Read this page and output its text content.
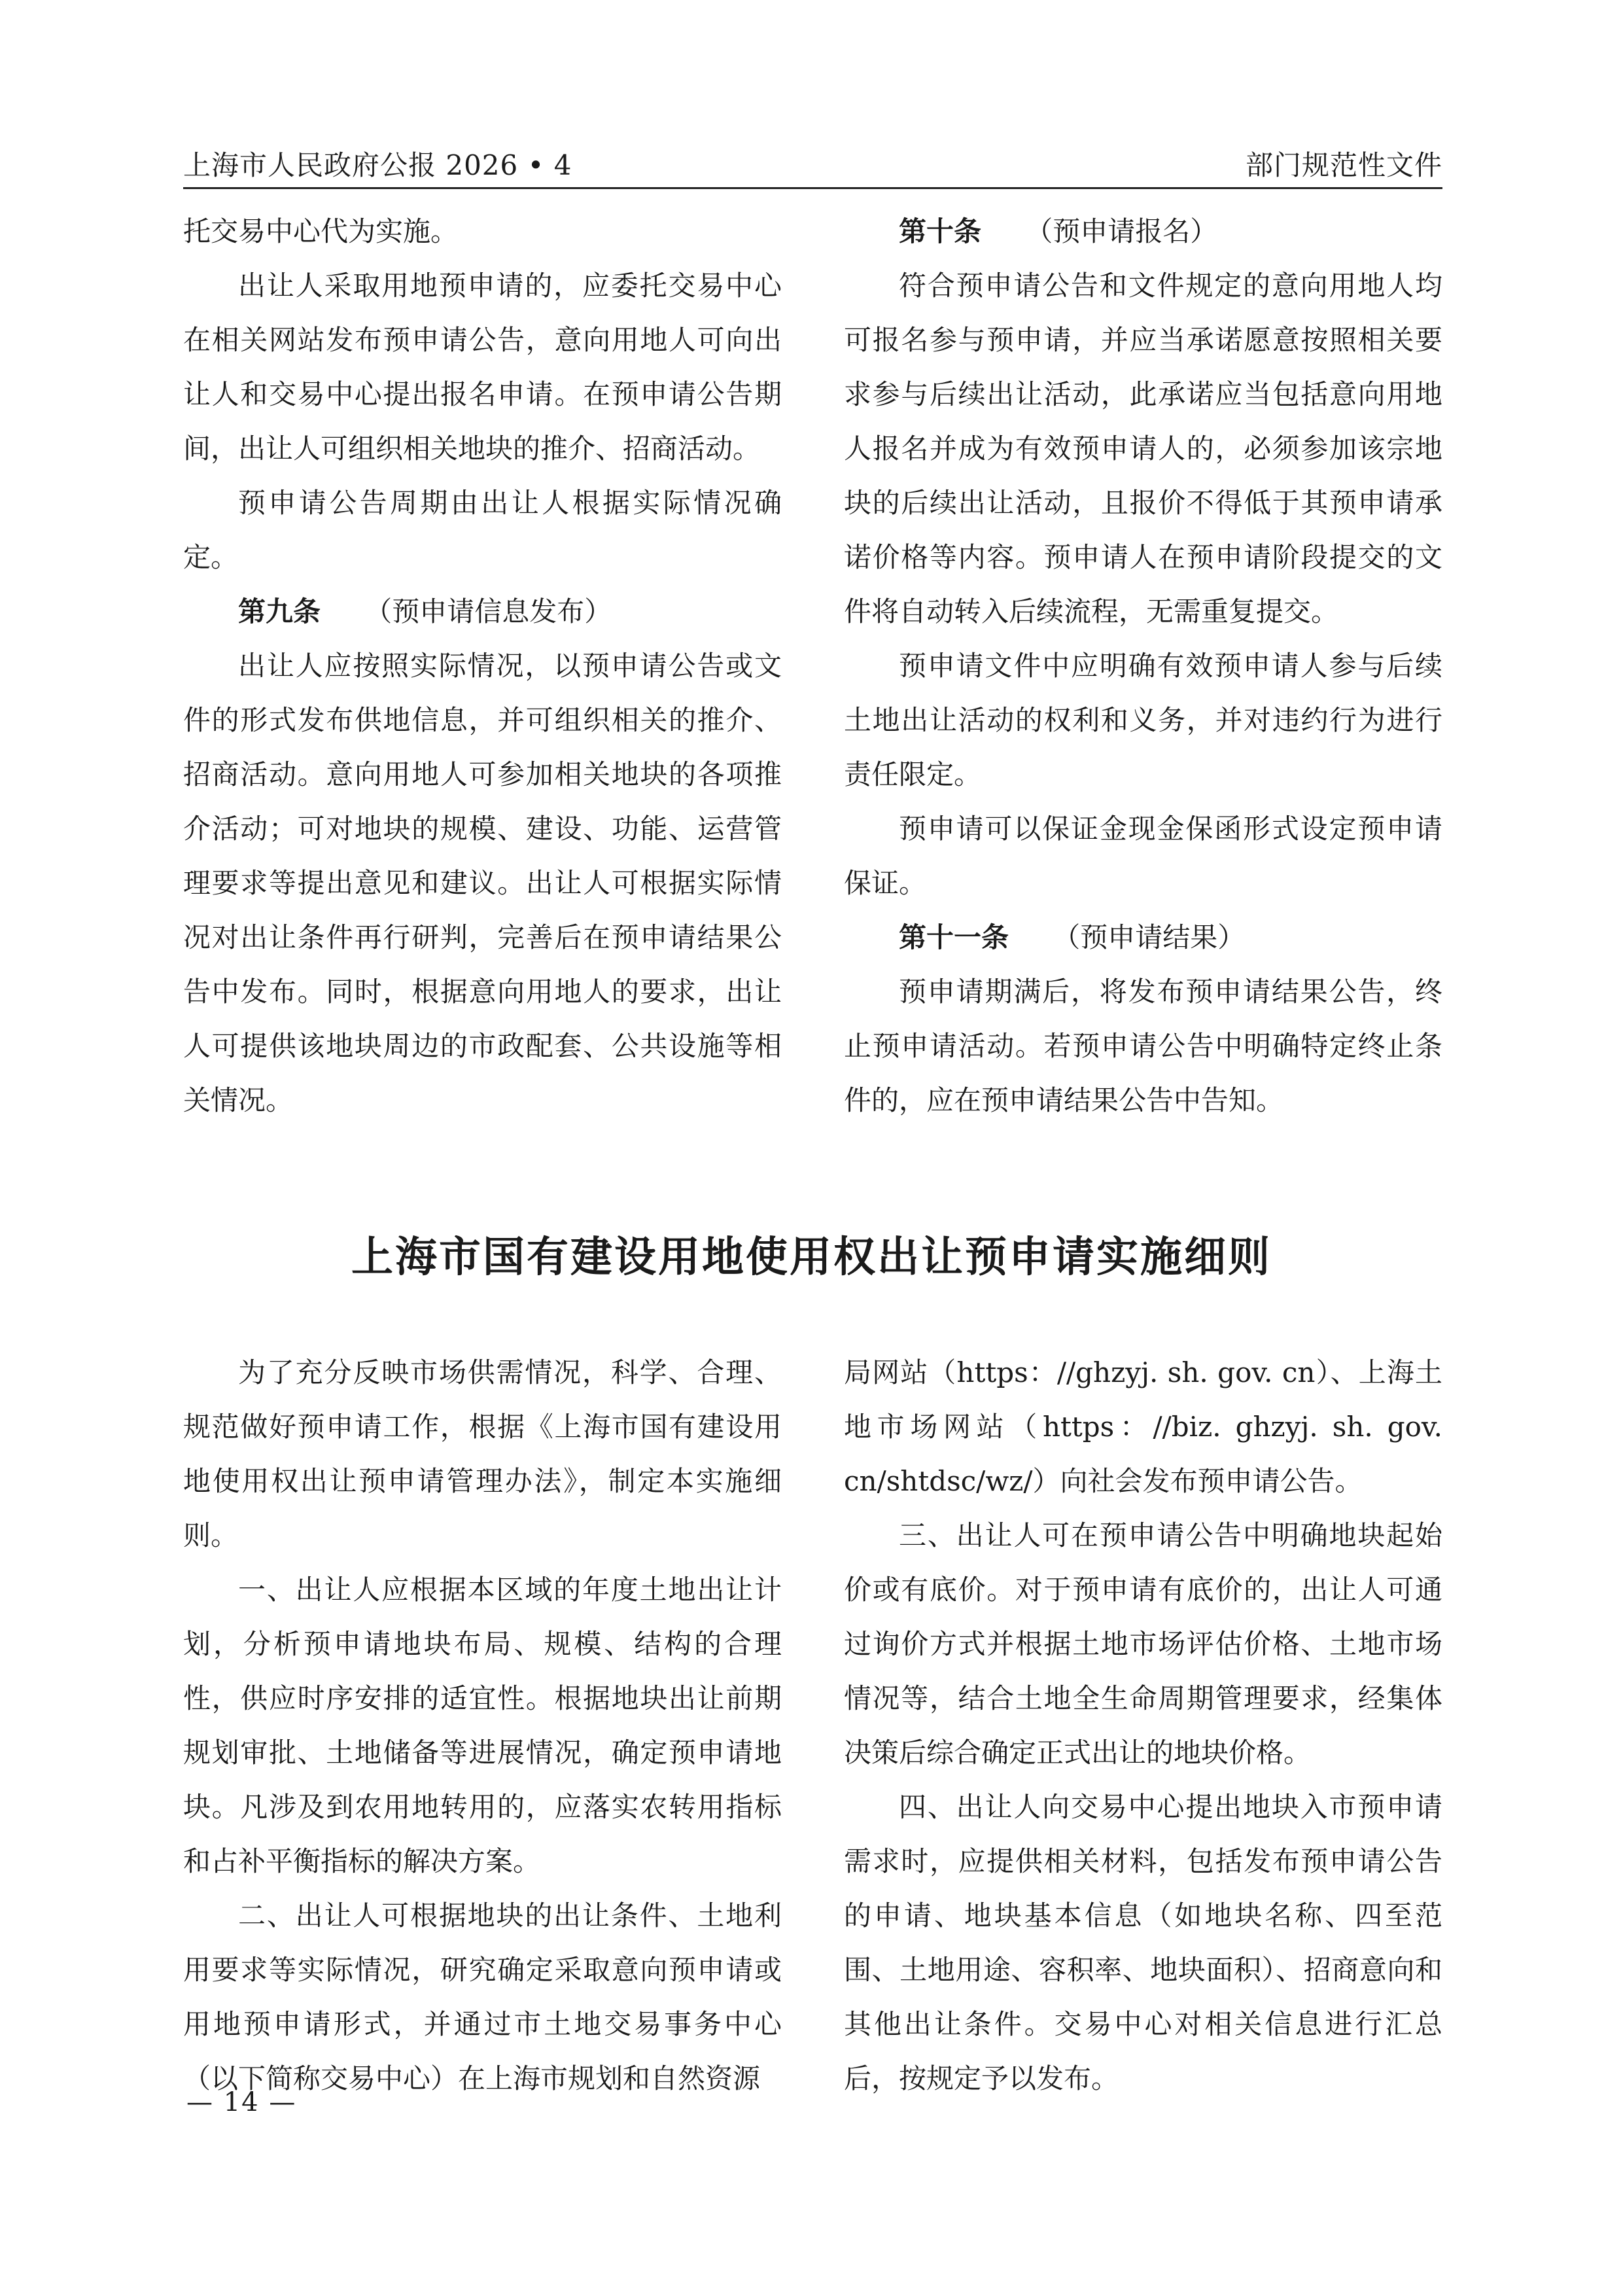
上海市人民政府公报 2026 • 4	部门规范性文件

托交易中心代为实施。

出让人采取用地预申请的，应委托交易中心在相关网站发布预申请公告，意向用地人可向出让人和交易中心提出报名申请。在预申请公告期间，出让人可组织相关地块的推介、招商活动。

预申请公告周期由出让人根据实际情况确定。

第九条 （预申请信息发布）

出让人应按照实际情况，以预申请公告或文件的形式发布供地信息，并可组织相关的推介、招商活动。意向用地人可参加相关地块的各项推介活动；可对地块的规模、建设、功能、运营管理要求等提出意见和建议。出让人可根据实际情况对出让条件再行研判，完善后在预申请结果公告中发布。同时，根据意向用地人的要求，出让人可提供该地块周边的市政配套、公共设施等相关情况。

第十条 （预申请报名）

符合预申请公告和文件规定的意向用地人均可报名参与预申请，并应当承诺愿意按照相关要求参与后续出让活动，此承诺应当包括意向用地人报名并成为有效预申请人的，必须参加该宗地块的后续出让活动，且报价不得低于其预申请承诺价格等内容。预申请人在预申请阶段提交的文件将自动转入后续流程，无需重复提交。

预申请文件中应明确有效预申请人参与后续土地出让活动的权利和义务，并对违约行为进行责任限定。

预申请可以保证金现金保函形式设定预申请保证。

第十一条 （预申请结果）

预申请期满后，将发布预申请结果公告，终止预申请活动。若预申请公告中明确特定终止条件的，应在预申请结果公告中告知。

上海市国有建设用地使用权出让预申请实施细则

为了充分反映市场供需情况，科学、合理、规范做好预申请工作，根据《上海市国有建设用地使用权出让预申请管理办法》，制定本实施细则。

一、出让人应根据本区域的年度土地出让计划，分析预申请地块布局、规模、结构的合理性，供应时序安排的适宜性。根据地块出让前期规划审批、土地储备等进展情况，确定预申请地块。凡涉及到农用地转用的，应落实农转用指标和占补平衡指标的解决方案。

二、出让人可根据地块的出让条件、土地利用要求等实际情况，研究确定采取意向预申请或用地预申请形式，并通过市土地交易事务中心（以下简称交易中心）在上海市规划和自然资源

局网站（https：//ghzyj. sh. gov. cn）、上海土地市场网站（https：//biz. ghzyj. sh. gov. cn/shtdsc/wz/）向社会发布预申请公告。

三、出让人可在预申请公告中明确地块起始价或有底价。对于预申请有底价的，出让人可通过询价方式并根据土地市场评估价格、土地市场情况等，结合土地全生命周期管理要求，经集体决策后综合确定正式出让的地块价格。

四、出让人向交易中心提出地块入市预申请需求时，应提供相关材料，包括发布预申请公告的申请、地块基本信息（如地块名称、四至范围、土地用途、容积率、地块面积）、招商意向和其他出让条件。交易中心对相关信息进行汇总后，按规定予以发布。

— 14 —
